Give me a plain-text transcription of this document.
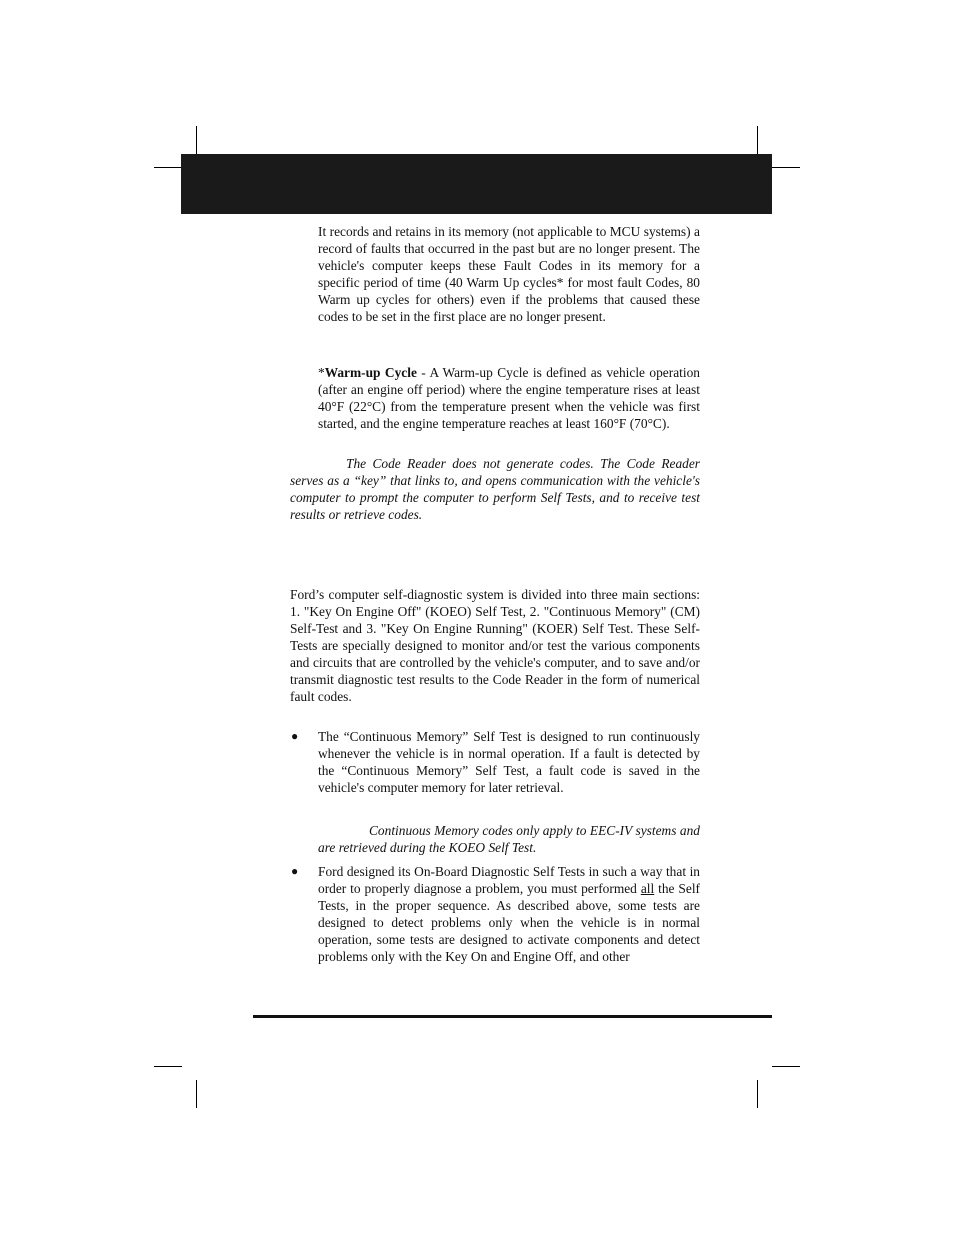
It records and retains in its memory (not applicable to MCU systems) a record of faults that occurred in the past but are no longer present. The vehicle's computer keeps these Fault Codes in its memory for a specific period of time (40 Warm Up cycles* for most fault Codes, 80 Warm up cycles for others) even if the problems that caused these codes to be set in the first place are no longer present.

*Warm-up Cycle - A Warm-up Cycle is defined as vehicle operation (after an engine off period) where the engine temperature rises at least 40°F (22°C) from the temperature present when the vehicle was first started, and the engine temperature reaches at least 160°F (70°C).

The Code Reader does not generate codes. The Code Reader serves as a “key” that links to, and opens communication with the vehicle's computer to prompt the computer to perform Self Tests, and to receive test results or retrieve codes.

Ford’s computer self-diagnostic system is divided into three main sections: 1. "Key On Engine Off" (KOEO) Self Test, 2. "Continuous Memory" (CM) Self-Test and 3. "Key On Engine Running" (KOER) Self Test. These Self-Tests are specially designed to monitor and/or test the various components and circuits that are controlled by the vehicle's computer, and to save and/or transmit diagnostic test results to the Code Reader in the form of numerical fault codes.

● The “Continuous Memory” Self Test is designed to run continuously whenever the vehicle is in normal operation. If a fault is detected by the “Continuous Memory” Self Test, a fault code is saved in the vehicle's computer memory for later retrieval.

Continuous Memory codes only apply to EEC-IV systems and are retrieved during the KOEO Self Test.

● Ford designed its On-Board Diagnostic Self Tests in such a way that in order to properly diagnose a problem, you must performed all the Self Tests, in the proper sequence. As described above, some tests are designed to detect problems only when the vehicle is in normal operation, some tests are designed to activate components and detect problems only with the Key On and Engine Off, and other
